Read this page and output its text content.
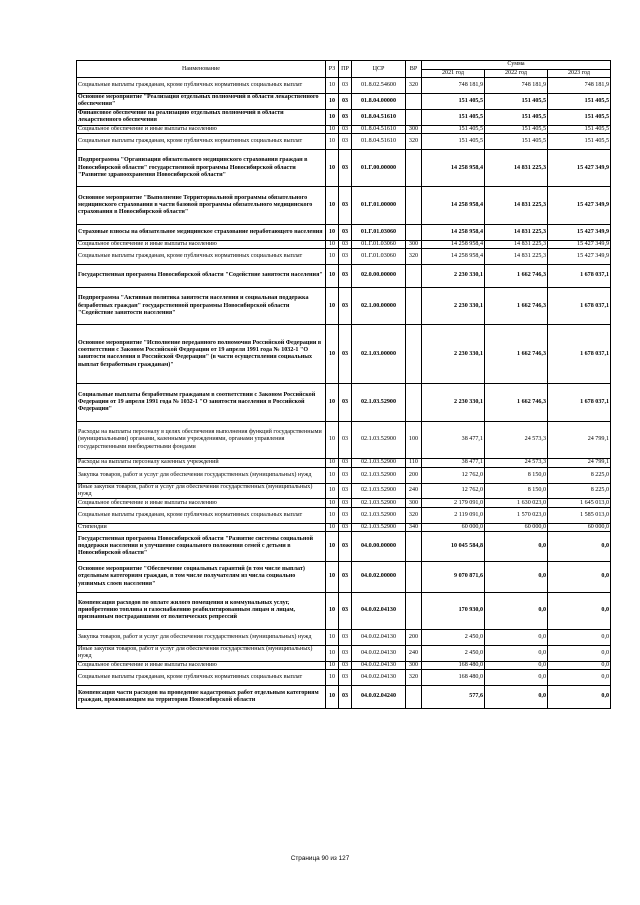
Наименование	РЗ	ПР	ЦСР	ВР	Сумма		
					2021 год	2022 год	2023 год
Социальные выплаты гражданам, кроме публичных нормативных социальных выплат	10	03	01.8.02.54600	320	748 181,9	748 181,9	748 181,9
Основное мероприятие "Реализация отдельных полномочий в области лекарственного обеспечения"	10	03	01.8.04.00000		151 405,5	151 405,5	151 405,5
Финансовое обеспечение на реализацию отдельных полномочий в области лекарственного обеспечения	10	03	01.8.04.51610		151 405,5	151 405,5	151 405,5
Социальное обеспечение и иные выплаты населению	10	03	01.8.04.51610	300	151 405,5	151 405,5	151 405,5
Социальные выплаты гражданам, кроме публичных нормативных социальных выплат	10	03	01.8.04.51610	320	151 405,5	151 405,5	151 405,5
Подпрограмма "Организация обязательного медицинского страхования граждан в Новосибирской области" государственной программы Новосибирской области "Развитие здравоохранения Новосибирской области"	10	03	01.Г.00.00000		14 258 958,4	14 831 225,3	15 427 349,9
Основное мероприятие "Выполнение Территориальной программы обязательного медицинского страхования в части базовой программы обязательного медицинского страхования в Новосибирской области"	10	03	01.Г.01.00000		14 258 958,4	14 831 225,3	15 427 349,9
Страховые взносы на обязательное медицинское страхование неработающего населения	10	03	01.Г.01.03060		14 258 958,4	14 831 225,3	15 427 349,9
Социальное обеспечение и иные выплаты населению	10	03	01.Г.01.03060	300	14 258 958,4	14 831 225,3	15 427 349,9
Социальные выплаты гражданам, кроме публичных нормативных социальных выплат	10	03	01.Г.01.03060	320	14 258 958,4	14 831 225,3	15 427 349,9
Государственная программа Новосибирской области "Содействие занятости населения"	10	03	02.0.00.00000		2 230 330,1	1 662 746,3	1 678 037,1
Подпрограмма "Активная политика занятости населения и социальная поддержка безработных граждан" государственной программы Новосибирской области "Содействие занятости населения"	10	03	02.1.00.00000		2 230 330,1	1 662 746,3	1 678 037,1
Основное мероприятие "Исполнение переданного полномочия Российской Федерации в соответствии с Законом Российской Федерации от 19 апреля 1991 года № 1032-1 "О занятости населения в Российской Федерации" (в части осуществления социальных выплат безработным гражданам)"	10	03	02.1.03.00000		2 230 330,1	1 662 746,3	1 678 037,1
Социальные выплаты безработным гражданам в соответствии с Законом Российской Федерации от 19 апреля 1991 года № 1032-1 "О занятости населения в Российской Федерации"	10	03	02.1.03.52900		2 230 330,1	1 662 746,3	1 678 037,1
Расходы на выплаты персоналу в целях обеспечения выполнения функций государственными (муниципальными) органами, казенными учреждениями, органами управления государственными внебюджетными фондами	10	03	02.1.03.52900	100	38 477,1	24 573,3	24 799,1
Расходы на выплаты персоналу казенных учреждений	10	03	02.1.03.52900	110	38 477,1	24 573,3	24 799,1
Закупка товаров, работ и услуг для обеспечения государственных (муниципальных) нужд	10	03	02.1.03.52900	200	12 762,0	8 150,0	8 225,0
Иные закупки товаров, работ и услуг для обеспечения государственных (муниципальных) нужд	10	03	02.1.03.52900	240	12 762,0	8 150,0	8 225,0
Социальное обеспечение и иные выплаты населению	10	03	02.1.03.52900	300	2 179 091,0	1 630 023,0	1 645 013,0
Социальные выплаты гражданам, кроме публичных нормативных социальных выплат	10	03	02.1.03.52900	320	2 119 091,0	1 570 023,0	1 585 013,0
Стипендии	10	03	02.1.03.52900	340	60 000,0	60 000,0	60 000,0
Государственная программа Новосибирской области "Развитие системы социальной поддержки населения и улучшение социального положения семей с детьми в Новосибирской области"	10	03	04.0.00.00000		10 045 584,8	0,0	0,0
Основное мероприятие "Обеспечение социальных гарантий (в том числе выплат) отдельным категориям граждан, в том числе получателям из числа социально уязвимых слоев населения"	10	03	04.0.02.00000		9 070 871,6	0,0	0,0
Компенсация расходов по оплате жилого помещения и коммунальных услуг, приобретению топлива и газоснабжению реабилитированным лицам и лицам, признанным пострадавшими от политических репрессий	10	03	04.0.02.04130		170 930,0	0,0	0,0
Закупка товаров, работ и услуг для обеспечения государственных (муниципальных) нужд	10	03	04.0.02.04130	200	2 450,0	0,0	0,0
Иные закупки товаров, работ и услуг для обеспечения государственных (муниципальных) нужд	10	03	04.0.02.04130	240	2 450,0	0,0	0,0
Социальное обеспечение и иные выплаты населению	10	03	04.0.02.04130	300	168 480,0	0,0	0,0
Социальные выплаты гражданам, кроме публичных нормативных социальных выплат	10	03	04.0.02.04130	320	168 480,0	0,0	0,0
Компенсация части расходов на проведение кадастровых работ отдельным категориям граждан, проживающим на территории Новосибирской области	10	03	04.0.02.04240		577,6	0,0	0,0
Страница 90 из 127
